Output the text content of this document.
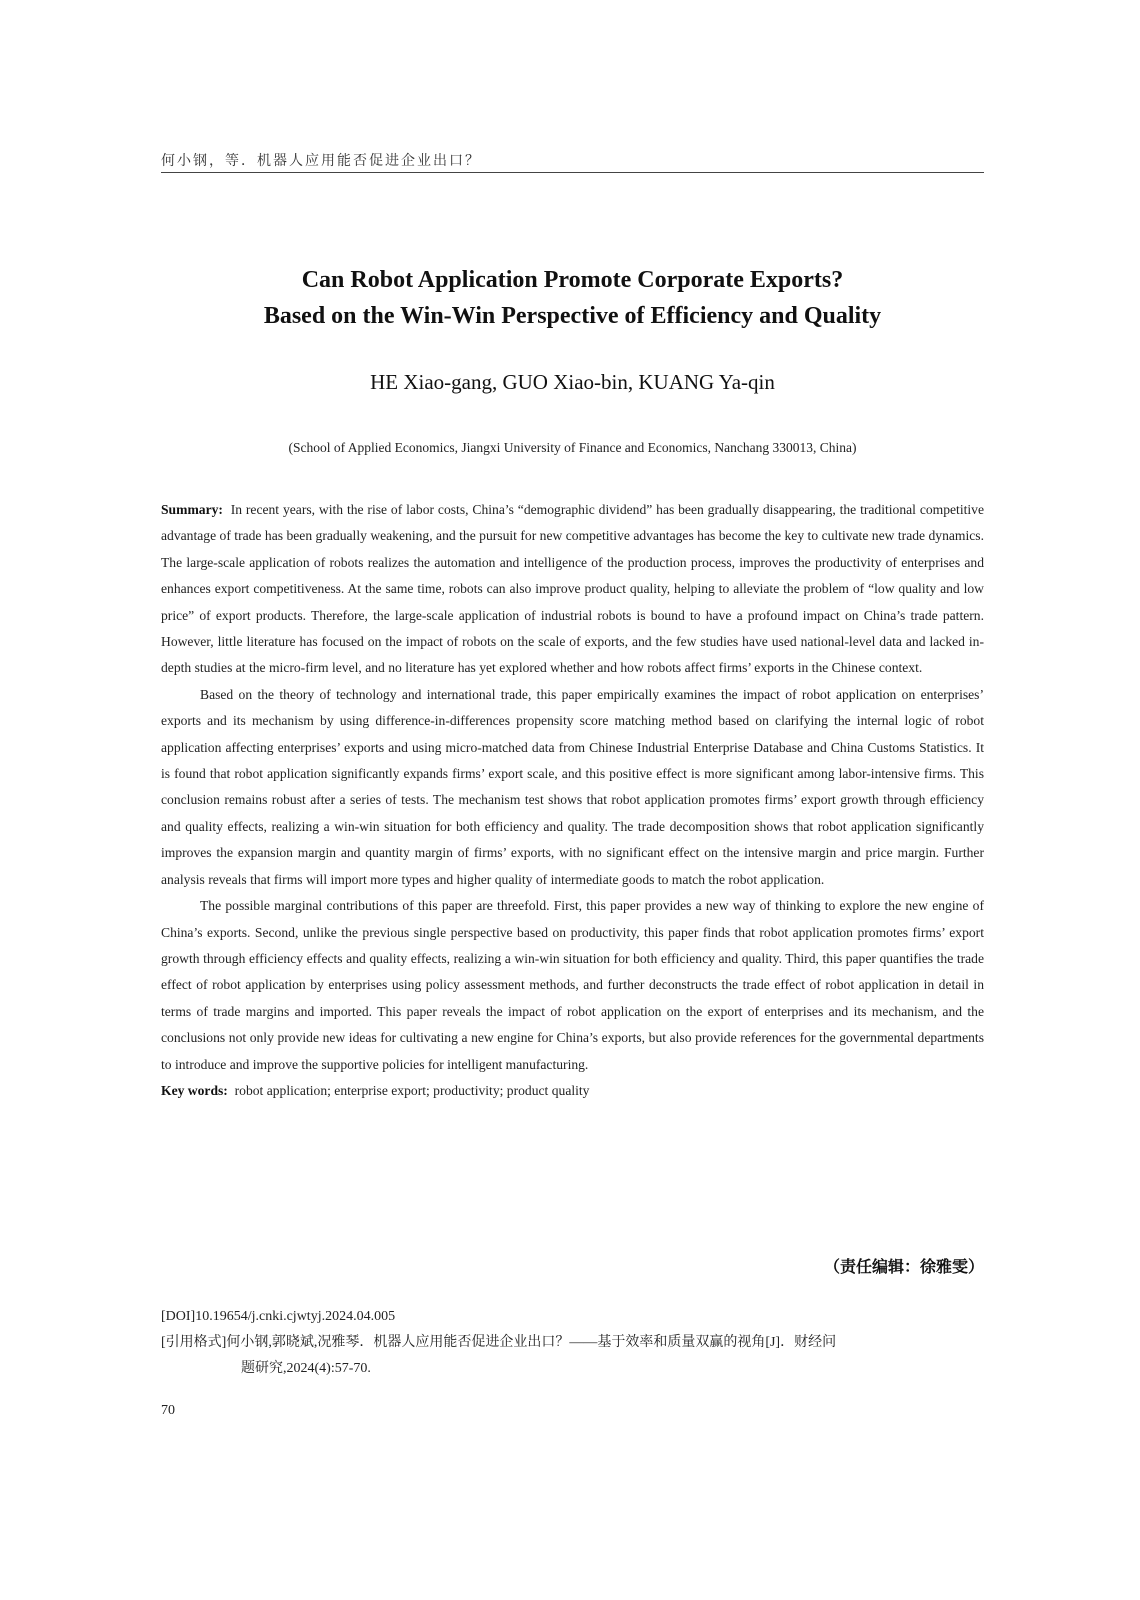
何小钢，等．机器人应用能否促进企业出口？
Can Robot Application Promote Corporate Exports?
Based on the Win-Win Perspective of Efficiency and Quality
HE Xiao-gang, GUO Xiao-bin, KUANG Ya-qin
(School of Applied Economics, Jiangxi University of Finance and Economics, Nanchang 330013, China)

Summary: In recent years, with the rise of labor costs, China’s “demographic dividend” has been gradually disappearing, the traditional competitive advantage of trade has been gradually weakening, and the pursuit for new competitive advantages has become the key to cultivate new trade dynamics. The large-scale application of robots realizes the automation and intelligence of the production process, improves the productivity of enterprises and enhances export competitiveness. At the same time, robots can also improve product quality, helping to alleviate the problem of “low quality and low price” of export products. Therefore, the large-scale application of industrial robots is bound to have a profound impact on China’s trade pattern. However, little literature has focused on the impact of robots on the scale of exports, and the few studies have used national-level data and lacked in-depth studies at the micro-firm level, and no literature has yet explored whether and how robots affect firms’ exports in the Chinese context.

Based on the theory of technology and international trade, this paper empirically examines the impact of robot application on enterprises’ exports and its mechanism by using difference-in-differences propensity score matching method based on clarifying the internal logic of robot application affecting enterprises’ exports and using micro-matched data from Chinese Industrial Enterprise Database and China Customs Statistics. It is found that robot application significantly expands firms’ export scale, and this positive effect is more significant among labor-intensive firms. This conclusion remains robust after a series of tests. The mechanism test shows that robot application promotes firms’ export growth through efficiency and quality effects, realizing a win-win situation for both efficiency and quality. The trade decomposition shows that robot application significantly improves the expansion margin and quantity margin of firms’ exports, with no significant effect on the intensive margin and price margin. Further analysis reveals that firms will import more types and higher quality of intermediate goods to match the robot application.

The possible marginal contributions of this paper are threefold. First, this paper provides a new way of thinking to explore the new engine of China’s exports. Second, unlike the previous single perspective based on productivity, this paper finds that robot application promotes firms’ export growth through efficiency effects and quality effects, realizing a win-win situation for both efficiency and quality. Third, this paper quantifies the trade effect of robot application by enterprises using policy assessment methods, and further deconstructs the trade effect of robot application in detail in terms of trade margins and imported. This paper reveals the impact of robot application on the export of enterprises and its mechanism, and the conclusions not only provide new ideas for cultivating a new engine for China’s exports, but also provide references for the governmental departments to introduce and improve the supportive policies for intelligent manufacturing.

Key words: robot application; enterprise export; productivity; product quality

（责任编辑：徐雅雯）
[DOI]10.19654/j.cnki.cjwtyj.2024.04.005
[引用格式]何小钢,郭晓斌,况雅琴．机器人应用能否促进企业出口？——基于效率和质量双赢的视角[J]．财经问
题研究,2024(4):57-70.
70
